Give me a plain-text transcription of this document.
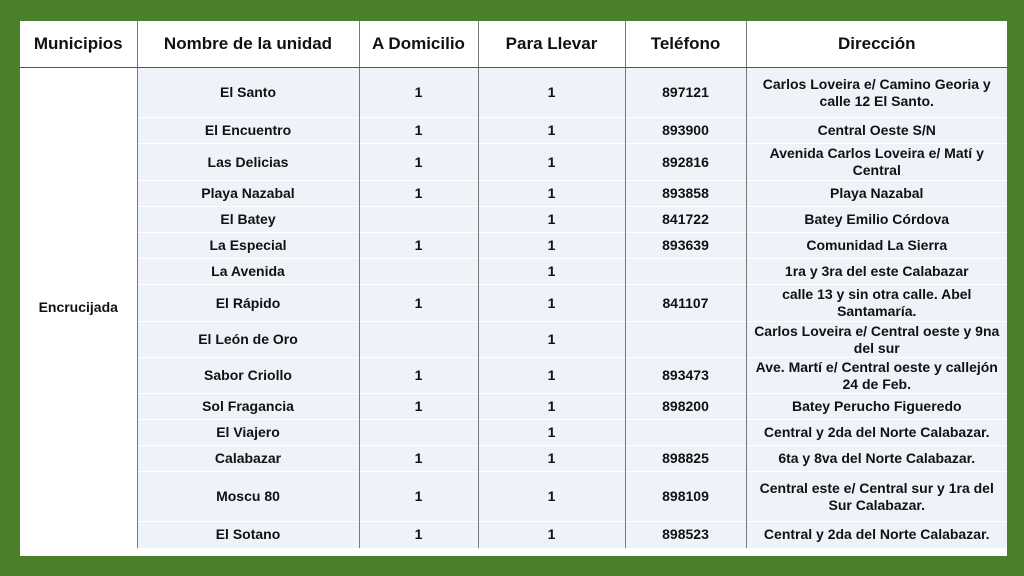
Municipios	Nombre de la unidad	A Domicilio	Para Llevar	Teléfono	Dirección
Encrucijada	El Santo	1	1	897121	Carlos Loveira e/ Camino Georia y calle 12 El Santo.
	El Encuentro	1	1	893900	Central Oeste S/N
	Las Delicias	1	1	892816	Avenida Carlos Loveira e/ Matí y Central
	Playa Nazabal	1	1	893858	Playa Nazabal
	El Batey		1	841722	Batey Emilio Córdova
	La Especial	1	1	893639	Comunidad La Sierra
	La Avenida		1		1ra y 3ra del este Calabazar
	El Rápido	1	1	841107	calle 13 y sin otra calle. Abel Santamaría.
	El León de Oro		1		Carlos Loveira e/ Central oeste y 9na del sur
	Sabor Criollo	1	1	893473	Ave. Martí e/ Central oeste y callejón 24 de Feb.
	Sol Fragancia	1	1	898200	Batey Perucho Figueredo
	El Viajero		1		Central y 2da del Norte Calabazar.
	Calabazar	1	1	898825	6ta y 8va del Norte Calabazar.
	Moscu 80	1	1	898109	Central este e/ Central sur y 1ra del Sur Calabazar.
	El Sotano	1	1	898523	Central y 2da del Norte Calabazar.
